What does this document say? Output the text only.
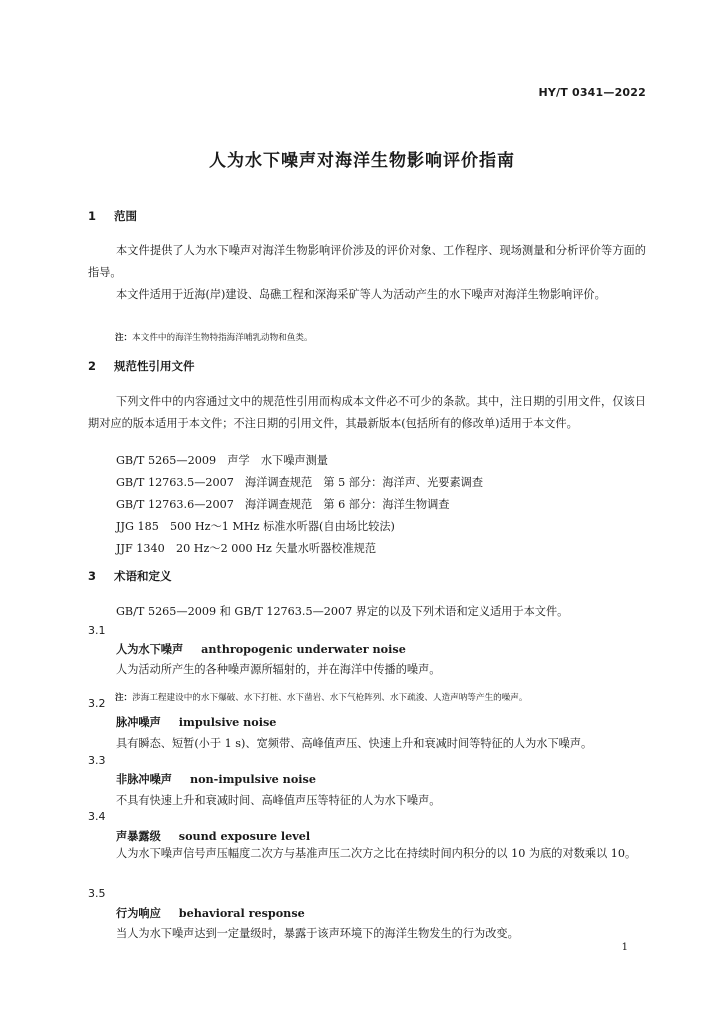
HY/T 0341—2022
人为水下噪声对海洋生物影响评价指南
1 范围
本文件提供了人为水下噪声对海洋生物影响评价涉及的评价对象、工作程序、现场测量和分析评价等方面的指导。
本文件适用于近海(岸)建设、岛礁工程和深海采矿等人为活动产生的水下噪声对海洋生物影响评价。

注：本文件中的海洋生物特指海洋哺乳动物和鱼类。

2 规范性引用文件
下列文件中的内容通过文中的规范性引用而构成本文件必不可少的条款。其中，注日期的引用文件，仅该日期对应的版本适用于本文件；不注日期的引用文件，其最新版本(包括所有的修改单)适用于本文件。
GB/T 5265—2009　声学　水下噪声测量
GB/T 12763.5—2007　海洋调查规范　第 5 部分：海洋声、光要素调查
GB/T 12763.6—2007　海洋调查规范　第 6 部分：海洋生物调查
JJG 185　500 Hz～1 MHz 标准水听器(自由场比较法)
JJF 1340　20 Hz～2 000 Hz 矢量水听器校准规范
3 术语和定义
GB/T 5265—2009 和 GB/T 12763.5—2007 界定的以及下列术语和定义适用于本文件。
3.1
人为水下噪声 anthropogenic underwater noise
人为活动所产生的各种噪声源所辐射的，并在海洋中传播的噪声。

注：涉海工程建设中的水下爆破、水下打桩、水下凿岩、水下气枪阵列、水下疏浚、人造声呐等产生的噪声。

3.2
脉冲噪声 impulsive noise
具有瞬态、短暂(小于 1 s)、宽频带、高峰值声压、快速上升和衰减时间等特征的人为水下噪声。
3.3
非脉冲噪声 non-impulsive noise
不具有快速上升和衰减时间、高峰值声压等特征的人为水下噪声。
3.4
声暴露级 sound exposure level
人为水下噪声信号声压幅度二次方与基准声压二次方之比在持续时间内积分的以 10 为底的对数乘以 10。
3.5
行为响应 behavioral response
当人为水下噪声达到一定量级时，暴露于该声环境下的海洋生物发生的行为改变。
1
